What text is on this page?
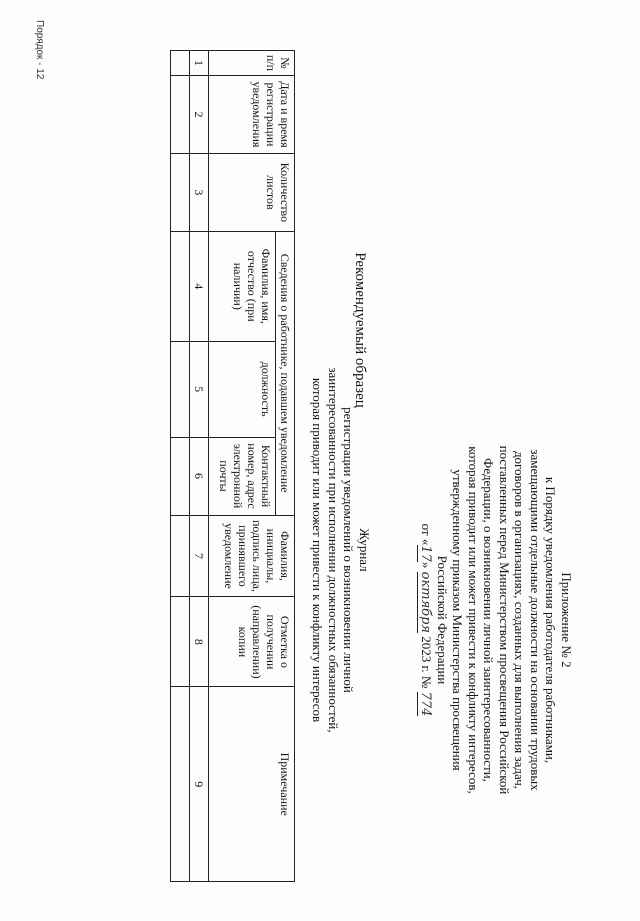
Приложение № 2
к Порядку уведомления работодателя работниками,
замещающими отдельные должности на основании трудовых
договоров в организациях, созданных для выполнения задач,
поставленных перед Министерством просвещения Российской
Федерации, о возникновении личной заинтересованности,
которая приводит или может привести к конфликту интересов,
утвержденному приказом Министерства просвещения
Российской Федерации
от «17» октября 2023 г. № 774
Рекомендуемый образец
Журнал
регистрации уведомлений о возникновении личной
заинтересованности при исполнении должностных обязанностей,
которая приводит или может привести к конфликту интересов
№ п/п	Дата и время регистрации уведомления	Количество листов	Сведения о работнике, подавшем уведомление			Фамилия, инициалы, подпись лица, принявшего уведомление	Отметка о получении (направлении) копии	Примечание
			Фамилия, имя, отчество (при наличии)	должность	Контактный номер, адрес электронной почты			
1	2	3	4	5	6	7	8	9

Порядок - 12
